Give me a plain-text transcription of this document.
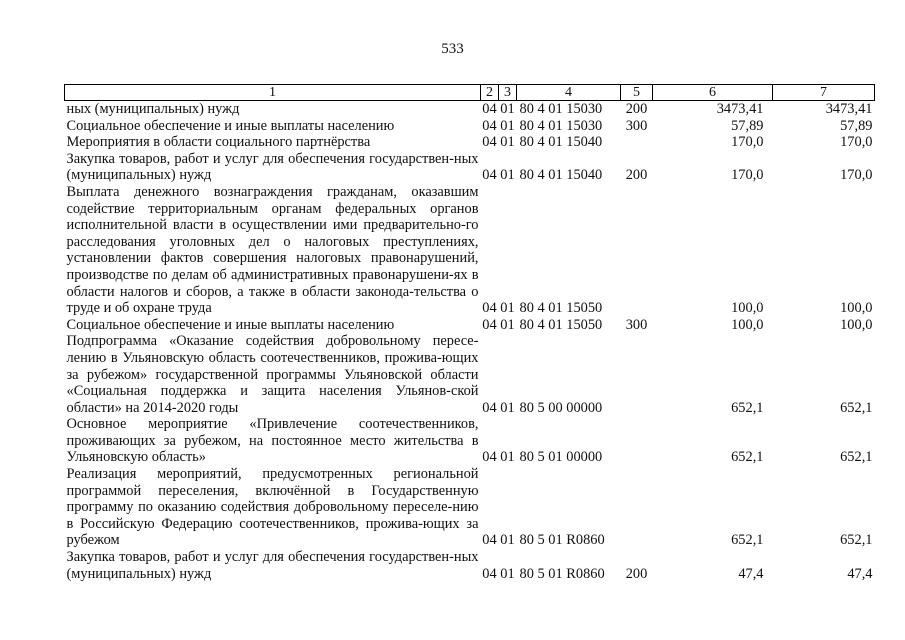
533
1	2	3	4	5	6	7
ных (муниципальных) нужд	04	01	80 4 01 15030	200	3473,41	3473,41
Социальное обеспечение и иные выплаты населению	04	01	80 4 01 15030	300	57,89	57,89
Мероприятия в области социального партнёрства	04	01	80 4 01 15040		170,0	170,0
Закупка товаров, работ и услуг для обеспечения государствен-ных (муниципальных) нужд	04	01	80 4 01 15040	200	170,0	170,0
Выплата денежного вознаграждения гражданам, оказавшим содействие территориальным органам федеральных органов исполнительной власти в осуществлении ими предварительно-го расследования уголовных дел о налоговых преступлениях, установлении фактов совершения налоговых правонарушений, производстве по делам об административных правонарушени-ях в области налогов и сборов, а также в области законода-тельства о труде и об охране труда	04	01	80 4 01 15050		100,0	100,0
Социальное обеспечение и иные выплаты населению	04	01	80 4 01 15050	300	100,0	100,0
Подпрограмма «Оказание содействия добровольному пересе-лению в Ульяновскую область соотечественников, прожива-ющих за рубежом» государственной программы Ульяновской области «Социальная поддержка и защита населения Ульянов-ской области» на 2014-2020 годы	04	01	80 5 00 00000		652,1	652,1
Основное мероприятие «Привлечение соотечественников, проживающих за рубежом, на постоянное место жительства в Ульяновскую область»	04	01	80 5 01 00000		652,1	652,1
Реализация мероприятий, предусмотренных региональной программой переселения, включённой в Государственную программу по оказанию содействия добровольному переселе-нию в Российскую Федерацию соотечественников, прожива-ющих за рубежом	04	01	80 5 01 R0860		652,1	652,1
Закупка товаров, работ и услуг для обеспечения государствен-ных (муниципальных) нужд	04	01	80 5 01 R0860	200	47,4	47,4
